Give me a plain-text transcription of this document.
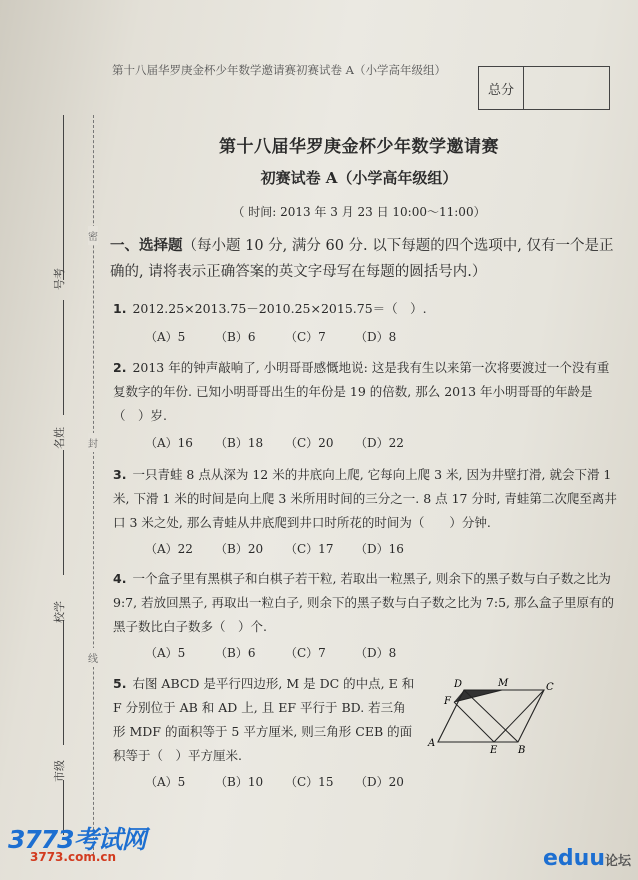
第十八届华罗庚金杯少年数学邀请赛初赛试卷 A（小学高年级组）
总分
号考
名姓
校学
市级
密
封
线
第十八届华罗庚金杯少年数学邀请赛
初赛试卷 A（小学高年级组）
（ 时间: 2013 年 3 月 23 日 10:00～11:00）
一、选择题（每小题 10 分, 满分 60 分. 以下每题的四个选项中, 仅有一个是正确的, 请将表示正确答案的英文字母写在每题的圆括号内.）
1. 2012.25×2013.75－2010.25×2015.75＝（　）.
（A）5 （B）6 （C）7 （D）8
2. 2013 年的钟声敲响了, 小明哥哥感慨地说: 这是我有生以来第一次将要渡过一个没有重复数字的年份. 已知小明哥哥出生的年份是 19 的倍数, 那么 2013 年小明哥哥的年龄是（　）岁.
（A）16 （B）18 （C）20 （D）22
3. 一只青蛙 8 点从深为 12 米的井底向上爬, 它每向上爬 3 米, 因为井壁打滑, 就会下滑 1 米, 下滑 1 米的时间是向上爬 3 米所用时间的三分之一. 8 点 17 分时, 青蛙第二次爬至离井口 3 米之处, 那么青蛙从井底爬到井口时所花的时间为（　　）分钟.
（A）22 （B）20 （C）17 （D）16
4. 一个盒子里有黑棋子和白棋子若干粒, 若取出一粒黑子, 则余下的黑子数与白子数之比为 9:7, 若放回黑子, 再取出一粒白子, 则余下的黑子数与白子数之比为 7:5, 那么盒子里原有的黑子数比白子数多（　）个.
（A）5 （B）6 （C）7 （D）8
5. 右图 ABCD 是平行四边形, M 是 DC 的中点, E 和 F 分别位于 AB 和 AD 上, 且 EF 平行于 BD. 若三角形 MDF 的面积等于 5 平方厘米, 则三角形 CEB 的面积等于（　）平方厘米.
（A）5 （B）10 （C）15 （D）20
D	M	C
F
A
E B
3773考试网
3773.com.cn	eduu论坛
